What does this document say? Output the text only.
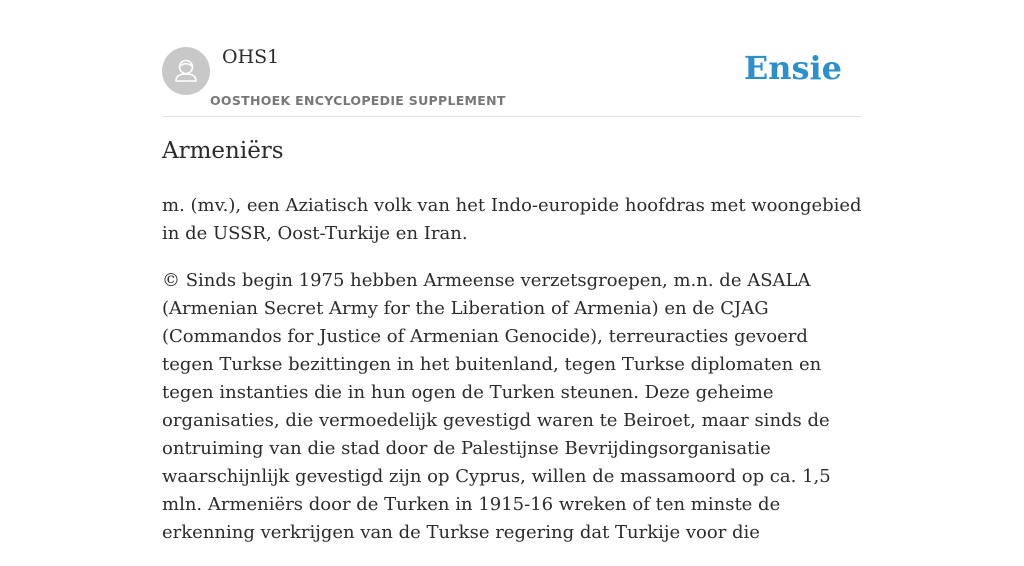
OHS1
OOSTHOEK ENCYCLOPEDIE SUPPLEMENT
Ensie
Armeniërs

m. (mv.), een Aziatisch volk van het Indo-europide hoofdras met woongebied in de USSR, Oost-Turkije en Iran.

© Sinds begin 1975 hebben Armeense verzetsgroepen, m.n. de ASALA (Armenian Secret Army for the Liberation of Armenia) en de CJAG (Commandos for Justice of Armenian Genocide), terreuracties gevoerd tegen Turkse bezittingen in het buitenland, tegen Turkse diplomaten en tegen instanties die in hun ogen de Turken steunen. Deze geheime organisaties, die vermoedelijk gevestigd waren te Beiroet, maar sinds de ontruiming van die stad door de Palestijnse Bevrijdingsorganisatie waarschijnlijk gevestigd zijn op Cyprus, willen de massamoord op ca. 1,5 mln. Armeniërs door de Turken in 1915-16 wreken of ten minste de erkenning verkrijgen van de Turkse regering dat Turkije voor die
